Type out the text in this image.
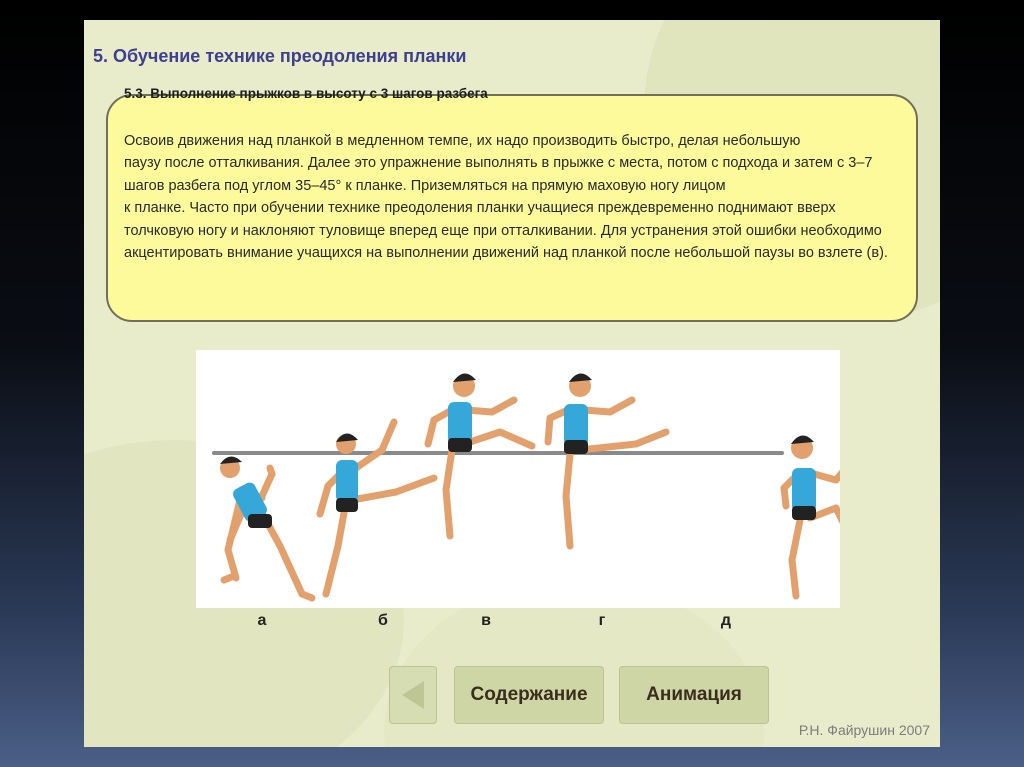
5. Обучение технике преодоления планки
5.3. Выполнение прыжков в высоту с 3 шагов разбега

Освоив движения над планкой в медленном темпе, их надо производить быстро, делая небольшую
паузу после отталкивания. Далее это упражнение выполнять в прыжке с места, потом с подхода и затем с 3–7 шагов разбега под углом 35–45° к планке. Приземляться на прямую маховую ногу лицом
к планке. Часто при обучении технике преодоления планки учащиеся преждевременно поднимают вверх толчковую ногу и наклоняют туловище вперед еще при отталкивании. Для устранения этой ошибки необходимо акцентировать внимание учащихся на выполнении движений над планкой после небольшой паузы во взлете (в).

а	б	в	г	д
Содержание	Анимация

Р.Н. Файрушин 2007
